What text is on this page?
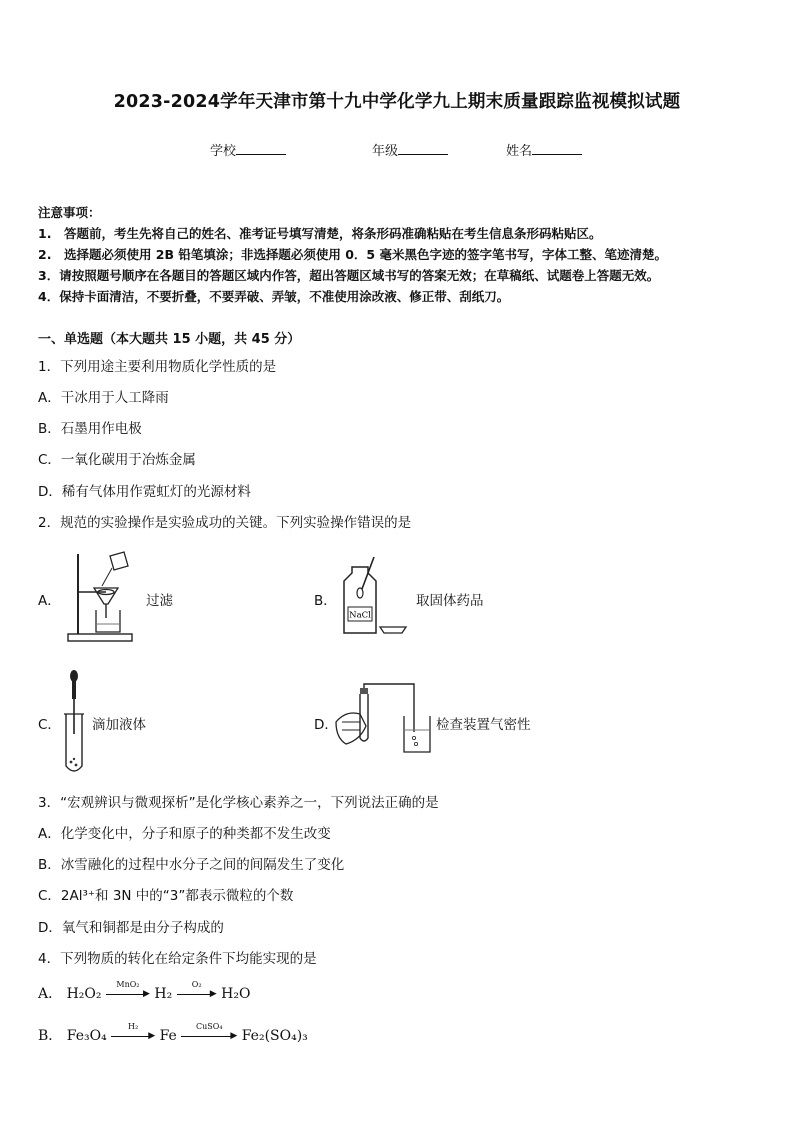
2023-2024学年天津市第十九中学化学九上期末质量跟踪监视模拟试题
学校	年级	姓名
注意事项：
1.　答题前，考生先将自己的姓名、准考证号填写清楚，将条形码准确粘贴在考生信息条形码粘贴区。
2.　选择题必须使用 2B 铅笔填涂；非选择题必须使用 0．5 毫米黑色字迹的签字笔书写，字体工整、笔迹清楚。
3．请按照题号顺序在各题目的答题区域内作答，超出答题区域书写的答案无效；在草稿纸、试题卷上答题无效。
4．保持卡面清洁，不要折叠，不要弄破、弄皱，不准使用涂改液、修正带、刮纸刀。
一、单选题（本大题共 15 小题，共 45 分）
1．下列用途主要利用物质化学性质的是
A．干冰用于人工降雨
B．石墨用作电极
C．一氧化碳用于冶炼金属
D．稀有气体用作霓虹灯的光源材料
2．规范的实验操作是实验成功的关键。下列实验操作错误的是
A．	过滤	B．
NaCl
取固体药品
C． 滴加液体	D．	检查装置气密性
3．“宏观辨识与微观探析”是化学核心素养之一，下列说法正确的是
A．化学变化中，分子和原子的种类都不发生改变
B．冰雪融化的过程中水分子之间的间隔发生了变化
C．2Al³⁺和 3N 中的“3”都表示微粒的个数
D．氧气和铜都是由分子构成的
4．下列物质的转化在给定条件下均能实现的是
A． H₂O₂
MnO₂
▶ H₂
O₂
▶ H₂O
B． Fe₃O₄
H₂
▶ Fe
CuSO₄
▶ Fe₂(SO₄)₃
